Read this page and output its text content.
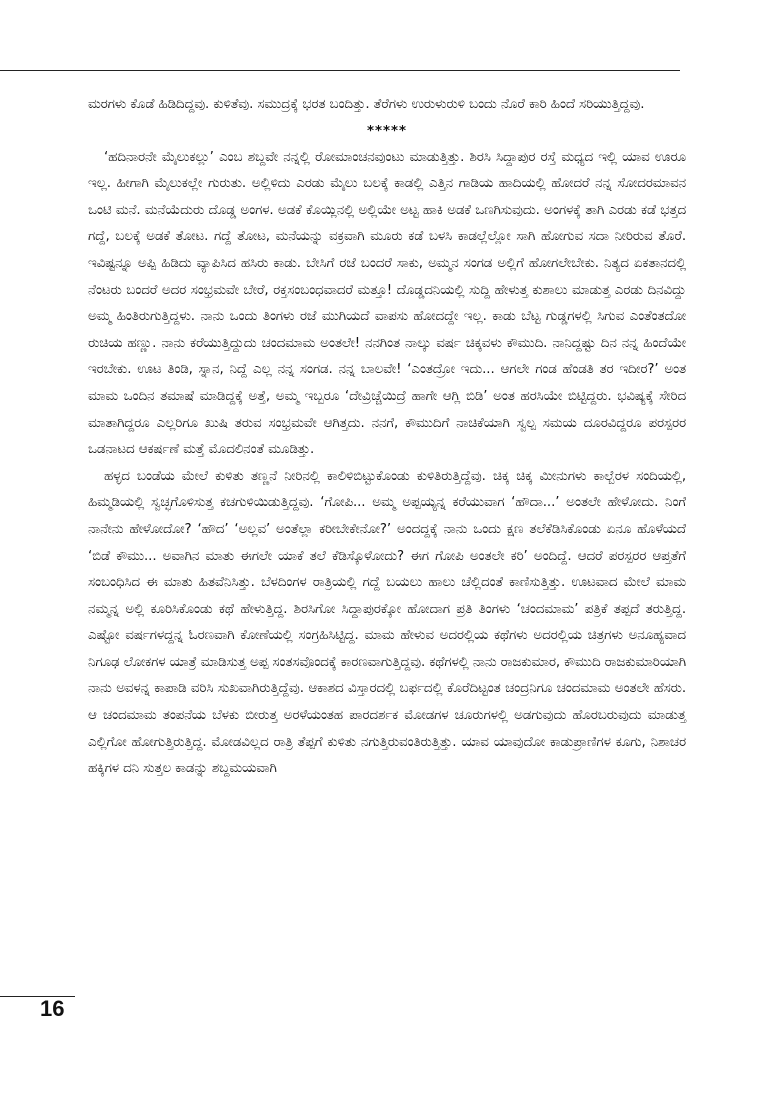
ಮರಗಳು ಕೊಡೆ ಹಿಡಿದಿದ್ದವು. ಕುಳಿತೆವು. ಸಮುದ್ರಕ್ಕೆ ಭರತ ಬಂದಿತ್ತು. ತೆರೆಗಳು ಉರುಳುರುಳಿ ಬಂದು ನೊರೆ ಕಾರಿ ಹಿಂದೆ ಸರಿಯುತ್ತಿದ್ದವು.

*****

‘ಹದಿನಾರನೇ ಮೈಲುಕಲ್ಲು’ ಎಂಬ ಶಬ್ದವೇ ನನ್ನಲ್ಲಿ ರೋಮಾಂಚನವುಂಟು ಮಾಡುತ್ತಿತ್ತು. ಶಿರಸಿ ಸಿದ್ದಾಪುರ ರಸ್ತೆ ಮಧ್ಯದ ಇಲ್ಲಿ ಯಾವ ಊರೂ ಇಲ್ಲ. ಹೀಗಾಗಿ ಮೈಲುಕಲ್ಲೇ ಗುರುತು. ಅಲ್ಲಿಳಿದು ಎರಡು ಮೈಲು ಬಲಕ್ಕೆ ಕಾಡಲ್ಲಿ ಎತ್ತಿನ ಗಾಡಿಯ ಹಾದಿಯಲ್ಲಿ ಹೋದರೆ ನನ್ನ ಸೋದರಮಾವನ ಒಂಟಿ ಮನೆ. ಮನೆಯೆದುರು ದೊಡ್ಡ ಅಂಗಳ. ಅಡಕೆ ಕೊಯ್ಲಿನಲ್ಲಿ ಅಲ್ಲಿಯೇ ಅಟ್ಟ ಹಾಕಿ ಅಡಕೆ ಒಣಗಿಸುವುದು. ಅಂಗಳಕ್ಕೆ ತಾಗಿ ಎರಡು ಕಡೆ ಭತ್ತದ ಗದ್ದೆ, ಬಲಕ್ಕೆ ಅಡಕೆ ತೋಟ. ಗದ್ದೆ ತೋಟ, ಮನೆಯನ್ನು ವಕ್ರವಾಗಿ ಮೂರು ಕಡೆ ಬಳಸಿ ಕಾಡಲ್ಲೆಲ್ಲೋ ಸಾಗಿ ಹೋಗುವ ಸದಾ ನೀರಿರುವ ತೊರೆ. ಇವಿಷ್ಟನ್ನೂ ಅಪ್ಪಿ ಹಿಡಿದು ವ್ಯಾಪಿಸಿದ ಹಸಿರು ಕಾಡು. ಬೇಸಿಗೆ ರಜೆ ಬಂದರೆ ಸಾಕು, ಅಮ್ಮನ ಸಂಗಡ ಅಲ್ಲಿಗೆ ಹೋಗಲೇಬೇಕು. ನಿತ್ಯದ ಏಕತಾನದಲ್ಲಿ ನೆಂಟರು ಬಂದರೆ ಅದರ ಸಂಭ್ರಮವೇ ಬೇರೆ, ರಕ್ತಸಂಬಂಧವಾದರೆ ಮತ್ತೂ! ದೊಡ್ಡದನಿಯಲ್ಲಿ ಸುದ್ದಿ ಹೇಳುತ್ತ ಕುಶಾಲು ಮಾಡುತ್ತ ಎರಡು ದಿನವಿದ್ದು ಅಮ್ಮ ಹಿಂತಿರುಗುತ್ತಿದ್ದಳು. ನಾನು ಒಂದು ತಿಂಗಳು ರಜೆ ಮುಗಿಯದೆ ವಾಪಸು ಹೋದದ್ದೇ ಇಲ್ಲ. ಕಾಡು ಬೆಟ್ಟ ಗುಡ್ಡಗಳಲ್ಲಿ ಸಿಗುವ ಎಂತೆಂತದೋ ರುಚಿಯ ಹಣ್ಣು. ನಾನು ಕರೆಯುತ್ತಿದ್ದುದು ಚಂದಮಾಮ ಅಂತಲೇ! ನನಗಿಂತ ನಾಲ್ಕು ವರ್ಷ ಚಿಕ್ಕವಳು ಕೌಮುದಿ. ನಾನಿದ್ದಷ್ಟು ದಿನ ನನ್ನ ಹಿಂದೆಯೇ ಇರಬೇಕು. ಊಟ ತಿಂಡಿ, ಸ್ನಾನ, ನಿದ್ದೆ ಎಲ್ಲ ನನ್ನ ಸಂಗಡ. ನನ್ನ ಬಾಲವೇ! ‘ಎಂತದ್ರೋ ಇದು... ಆಗಲೇ ಗಂಡ ಹೆಂಡತಿ ತರ ಇದೀರ?’ ಅಂತ ಮಾಮ ಒಂದಿನ ತಮಾಷೆ ಮಾಡಿದ್ದಕ್ಕೆ ಅತ್ತೆ, ಅಮ್ಮ ಇಬ್ಬರೂ ‘ದೇವ್ರಿಚ್ಚೆಯಿದ್ರೆ ಹಾಗೇ ಆಗ್ಲಿ ಬಿಡಿ’ ಅಂತ ಹರಸಿಯೇ ಬಿಟ್ಟಿದ್ದರು. ಭವಿಷ್ಯಕ್ಕೆ ಸೇರಿದ ಮಾತಾಗಿದ್ದರೂ ಎಲ್ಲರಿಗೂ ಖುಷಿ ತರುವ ಸಂಭ್ರಮವೇ ಆಗಿತ್ತದು. ನನಗೆ, ಕೌಮುದಿಗೆ ನಾಚಿಕೆಯಾಗಿ ಸ್ವಲ್ಪ ಸಮಯ ದೂರವಿದ್ದರೂ ಪರಸ್ಪರರ ಒಡನಾಟದ ಆಕರ್ಷಣೆ ಮತ್ತೆ ಮೊದಲಿನಂತೆ ಮೂಡಿತ್ತು.

ಹಳ್ಳದ ಬಂಡೆಯ ಮೇಲೆ ಕುಳಿತು ತಣ್ಣನೆ ನೀರಿನಲ್ಲಿ ಕಾಲಿಳಿಬಿಟ್ಟುಕೊಂಡು ಕುಳಿತಿರುತ್ತಿದ್ದೆವು. ಚಿಕ್ಕ ಚಿಕ್ಕ ಮೀನುಗಳು ಕಾಲ್ಬೆರಳ ಸಂದಿಯಲ್ಲಿ, ಹಿಮ್ಮಡಿಯಲ್ಲಿ ಸ್ವಚ್ಛಗೊಳಿಸುತ್ತ ಕಚಗುಳಿಯಿಡುತ್ತಿದ್ದವು. ‘ಗೋಪಿ... ಅಮ್ಮ ಅಪ್ಪಯ್ಯನ್ನ ಕರೆಯುವಾಗ ‘ಹೌದಾ...’ ಅಂತಲೇ ಹೇಳೋದು. ನಿಂಗೆ ನಾನೇನು ಹೇಳೋದೋ? ‘ಹೌದ’ ‘ಅಲ್ಲವ’ ಅಂತೆಲ್ಲಾ ಕರೀಬೇಕೇನೋ?’ ಅಂದದ್ದಕ್ಕೆ ನಾನು ಒಂದು ಕ್ಷಣ ತಲೆಕೆಡಿಸಿಕೊಂಡು ಏನೂ ಹೊಳೆಯದೆ ‘ಬಿಡೆ ಕೌಮು... ಅವಾಗಿನ ಮಾತು ಈಗಲೇ ಯಾಕೆ ತಲೆ ಕೆಡಿಸ್ಕೊಳೋದು? ಈಗ ಗೋಪಿ ಅಂತಲೇ ಕರಿ’ ಅಂದಿದ್ದೆ. ಆದರೆ ಪರಸ್ಪರರ ಆಪ್ತತೆಗೆ ಸಂಬಂಧಿಸಿದ ಈ ಮಾತು ಹಿತವೆನಿಸಿತ್ತು. ಬೆಳದಿಂಗಳ ರಾತ್ರಿಯಲ್ಲಿ ಗದ್ದೆ ಬಯಲು ಹಾಲು ಚೆಲ್ಲಿದಂತೆ ಕಾಣಿಸುತ್ತಿತ್ತು. ಊಟವಾದ ಮೇಲೆ ಮಾಮ ನಮ್ಮನ್ನ ಅಲ್ಲಿ ಕೂರಿಸಿಕೊಂಡು ಕಥೆ ಹೇಳುತ್ತಿದ್ದ. ಶಿರಸಿಗೋ ಸಿದ್ದಾಪುರಕ್ಕೋ ಹೋದಾಗ ಪ್ರತಿ ತಿಂಗಳು ‘ಚಂದಮಾಮ’ ಪತ್ರಿಕೆ ತಪ್ಪದೆ ತರುತ್ತಿದ್ದ. ಎಷ್ಟೋ ವರ್ಷಗಳದ್ದನ್ನ ಓರಣವಾಗಿ ಕೋಣೆಯಲ್ಲಿ ಸಂಗ್ರಹಿಸಿಟ್ಟಿದ್ದ. ಮಾಮ ಹೇಳುವ ಅದರಲ್ಲಿಯ ಕಥೆಗಳು ಅದರಲ್ಲಿಯ ಚಿತ್ರಗಳು ಅನೂಹ್ಯವಾದ ನಿಗೂಢ ಲೋಕಗಳ ಯಾತ್ರೆ ಮಾಡಿಸುತ್ತ ಅಪ್ಪ ಸಂತಸವೊಂದಕ್ಕೆ ಕಾರಣವಾಗುತ್ತಿದ್ದವು. ಕಥೆಗಳಲ್ಲಿ ನಾನು ರಾಜಕುಮಾರ, ಕೌಮುದಿ ರಾಜಕುಮಾರಿಯಾಗಿ ನಾನು ಅವಳನ್ನ ಕಾಪಾಡಿ ವರಿಸಿ ಸುಖವಾಗಿರುತ್ತಿದ್ದೆವು. ಆಕಾಶದ ವಿಸ್ತಾರದಲ್ಲಿ ಬರ್ಫದಲ್ಲಿ ಕೊರೆದಿಟ್ಟಂತ ಚಂದ್ರನಿಗೂ ಚಂದಮಾಮ ಅಂತಲೇ ಹೆಸರು. ಆ ಚಂದಮಾಮ ತಂಪನೆಯ ಬೆಳಕು ಬೀರುತ್ತ ಅರಳೆಯಂತಹ ಪಾರದರ್ಶಕ ಮೋಡಗಳ ಚೂರುಗಳಲ್ಲಿ ಅಡಗುವುದು ಹೊರಬರುವುದು ಮಾಡುತ್ತ ಎಲ್ಲಿಗೋ ಹೋಗುತ್ತಿರುತ್ತಿದ್ದ. ಮೋಡವಿಲ್ಲದ ರಾತ್ರಿ ತೆಪ್ಪಗೆ ಕುಳಿತು ನಗುತ್ತಿರುವಂತಿರುತ್ತಿತ್ತು. ಯಾವ ಯಾವುದೋ ಕಾಡುಪ್ರಾಣಿಗಳ ಕೂಗು, ನಿಶಾಚರ ಹಕ್ಕಿಗಳ ದನಿ ಸುತ್ತಲ ಕಾಡನ್ನು ಶಬ್ದಮಯವಾಗಿ

16
